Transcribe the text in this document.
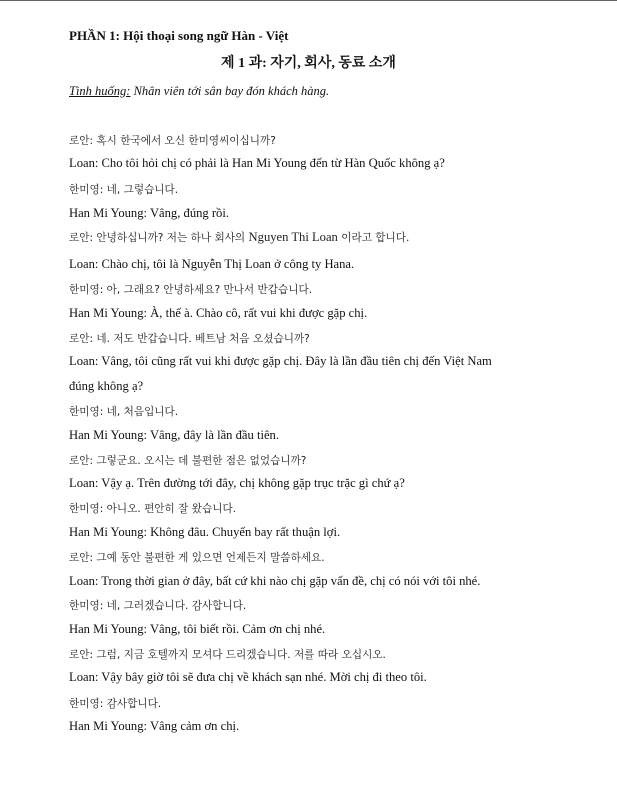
PHẦN 1: Hội thoại song ngữ Hàn - Việt
제 1 과: 자기, 회사, 동료 소개
Tình huống: Nhân viên tới sân bay đón khách hàng.
로안: 혹시 한국에서 오신 한미영씨이십니까?
Loan: Cho tôi hỏi chị có phải là Han Mi Young đến từ Hàn Quốc không ạ?
한미영: 네, 그렇습니다.
Han Mi Young: Vâng, đúng rồi.
로안: 안녕하십니까? 저는 하나 회사의 Nguyen Thi Loan 이라고 합니다.
Loan: Chào chị, tôi là Nguyễn Thị Loan ở công ty Hana.
한미영: 아, 그래요? 안녕하세요? 만나서 반갑습니다.
Han Mi Young: À, thế à. Chào cô, rất vui khi được gặp chị.
로안: 네. 저도 반갑습니다. 베트남 처음 오셨습니까?
Loan: Vâng, tôi cũng rất vui khi được gặp chị. Đây là lần đầu tiên chị đến Việt Nam
đúng không ạ?
한미영: 네, 처음입니다.
Han Mi Young: Vâng, đây là lần đầu tiên.
로안: 그렇군요. 오시는 데 불편한 점은 없었습니까?
Loan: Vậy ạ. Trên đường tới đây, chị không gặp trục trặc gì chứ ạ?
한미영: 아니오. 편안히 잘 왔습니다.
Han Mi Young: Không đâu. Chuyến bay rất thuận lợi.
로안: 그예 동안 불편한 게 있으면 언제든지 말씀하세요.
Loan: Trong thời gian ở đây, bất cứ khi nào chị gặp vấn đề, chị có nói với tôi nhé.
한미영: 네, 그러겠습니다. 감사합니다.
Han Mi Young: Vâng, tôi biết rồi. Cảm ơn chị nhé.
로안: 그럼, 지금 호텔까지 모셔다 드리겠습니다. 저를 따라 오십시오.
Loan: Vậy bây giờ tôi sẽ đưa chị về khách sạn nhé. Mời chị đi theo tôi.
한미영: 감사합니다.
Han Mi Young: Vâng cảm ơn chị.
